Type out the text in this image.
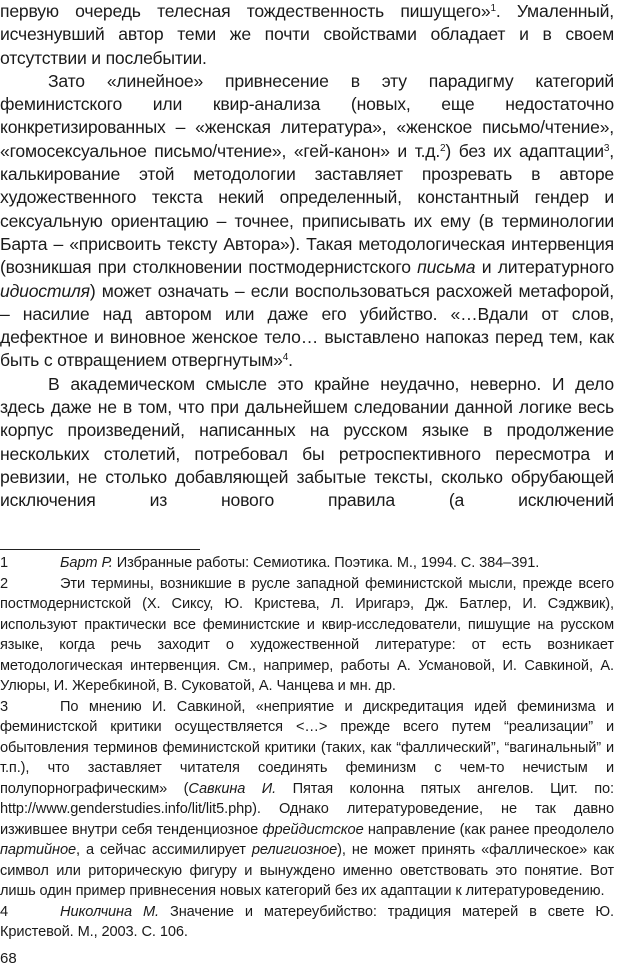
первую очередь телесная тождественность пишущего»$^1$. Умаленный, исчезнувший автор теми же почти свойствами обладает и в своем отсутствии и послебытии.

Зато «линейное» привнесение в эту парадигму категорий феминистского или квир-анализа (новых, еще недостаточно конкретизированных – «женская литература», «женское письмо/чтение», «гомосексуальное письмо/чтение», «гей-канон» и т.д.$^2$) без их адаптации$^3$, калькирование этой методологии заставляет прозревать в авторе художественного текста некий определенный, константный гендер и сексуальную ориентацию – точнее, приписывать их ему (в терминологии Барта – «присвоить тексту Автора»). Такая методологическая интервенция (возникшая при столкновении постмодернистского письма и литературного идиостиля) может означать – если воспользоваться расхожей метафорой, – насилие над автором или даже его убийство. «…Вдали от слов, дефектное и виновное женское тело… выставлено напоказ перед тем, как быть с отвращением отвергнутым»$^4$.

В академическом смысле это крайне неудачно, неверно. И дело здесь даже не в том, что при дальнейшем следовании данной логике весь корпус произведений, написанных на русском языке в продолжение нескольких столетий, потребовал бы ретроспективного пересмотра и ревизии, не столько добавляющей забытые тексты, сколько обрубающей исключения из нового правила (а исключений

1	Барт Р. Избранные работы: Семиотика. Поэтика. М., 1994. С. 384–391.

2	Эти термины, возникшие в русле западной феминистской мысли, прежде всего постмодернистской (Х. Сиксу, Ю. Кристева, Л. Иригарэ, Дж. Батлер, И. Сэджвик), используют практически все феминистские и квир-исследователи, пишущие на русском языке, когда речь заходит о художественной литературе: от есть возникает методологическая интервенция. См., например, работы А. Усмановой, И. Савкиной, А. Улюры, И. Жеребкиной, В. Суковатой, А. Чанцева и мн. др.

3	По мнению И. Савкиной, «неприятие и дискредитация идей феминизма и феминистской критики осуществляется <…> прежде всего путем “реализации” и обытовления терминов феминистской критики (таких, как “фаллический”, “вагинальный” и т.п.), что заставляет читателя соединять феминизм с чем-то нечистым и полупорнографическим» (Савкина И. Пятая колонна пятых ангелов. Цит. по: http://www.genderstudies.info/lit/lit5.php). Однако литературоведение, не так давно изжившее внутри себя тенденциозное фрейдистское направление (как ранее преодолело партийное, а сейчас ассимилирует религиозное), не может принять «фаллическое» как символ или риторическую фигуру и вынуждено именно оветствовать это понятие. Вот лишь один пример привнесения новых категорий без их адаптации к литературоведению.

4	Николчина М. Значение и матереубийство: традиция матерей в свете Ю. Кристевой. М., 2003. С. 106.

68
